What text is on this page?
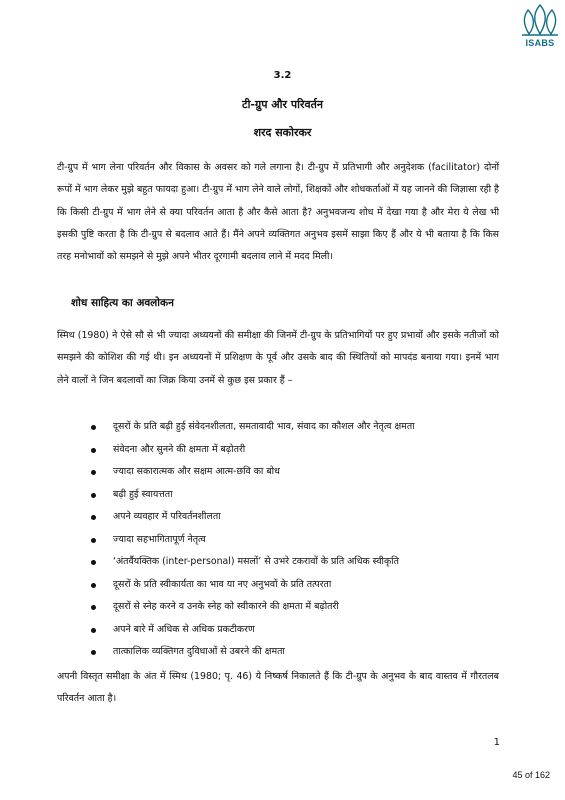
ISABS
3.2
टी-ग्रुप और परिवर्तन
शरद सकोरकर
टी-ग्रुप में भाग लेना परिवर्तन और विकास के अवसर को गले लगाना है। टी-ग्रुप में प्रतिभागी और अनुदेशक (facilitator) दोनों रूपों में भाग लेकर मुझे बहुत फायदा हुआ। टी-ग्रुप में भाग लेने वाले लोगों, शिक्षकों और शोधकर्ताओं में यह जानने की जिज्ञासा रही है कि किसी टी-ग्रुप में भाग लेने से क्या परिवर्तन आता है और कैसे आता है? अनुभवजन्य शोध में देखा गया है और मेरा ये लेख भी इसकी पुष्टि करता है कि टी-ग्रुप से बदलाव आते हैं। मैंने अपने व्यक्तिगत अनुभव इसमें साझा किए हैं और ये भी बताया है कि किस तरह मनोभावों को समझने से मुझे अपने भीतर दूरगामी बदलाव लाने में मदद मिली।
शोध साहित्य का अवलोकन
स्मिथ (1980) ने ऐसे सौ से भी ज्यादा अध्ययनों की समीक्षा की जिनमें टी-ग्रुप के प्रतिभागियों पर हुए प्रभावों और इसके नतीजों को समझने की कोशिश की गई थी। इन अध्ययनों में प्रशिक्षण के पूर्व और उसके बाद की स्थितियों को मापदंड बनाया गया। इनमें भाग लेने वालों ने जिन बदलावों का जिक्र किया उनमें से कुछ इस प्रकार हैं –
दूसरों के प्रति बढ़ी हुई संवेदनशीलता, समतावादी भाव, संवाद का कौशल और नेतृत्व क्षमता
संवेदना और सुनने की क्षमता में बढ़ोतरी
ज्यादा सकारात्मक और सक्षम आत्म-छवि का बोध
बढ़ी हुई स्वायत्तता
अपने व्यवहार में परिवर्तनशीलता
ज्यादा सहभागितापूर्ण नेतृत्व
‘अंतर्वैयक्तिक (inter-personal) मसलों’ से उभरे टकरावों के प्रति अधिक स्वीकृति
दूसरों के प्रति स्वीकार्यता का भाव या नए अनुभवों के प्रति तत्परता
दूसरों से स्नेह करने व उनके स्नेह को स्वीकारने की क्षमता में बढ़ोतरी
अपने बारे में अधिक से अधिक प्रकटीकरण
तात्कालिक व्यक्तिगत दुविधाओं से उबरने की क्षमता
अपनी विस्तृत समीक्षा के अंत में स्मिथ (1980; पृ. 46) ये निष्कर्ष निकालते हैं कि टी-ग्रुप के अनुभव के बाद वास्तव में गौरतलब परिवर्तन आता है।
1
45 of 162
